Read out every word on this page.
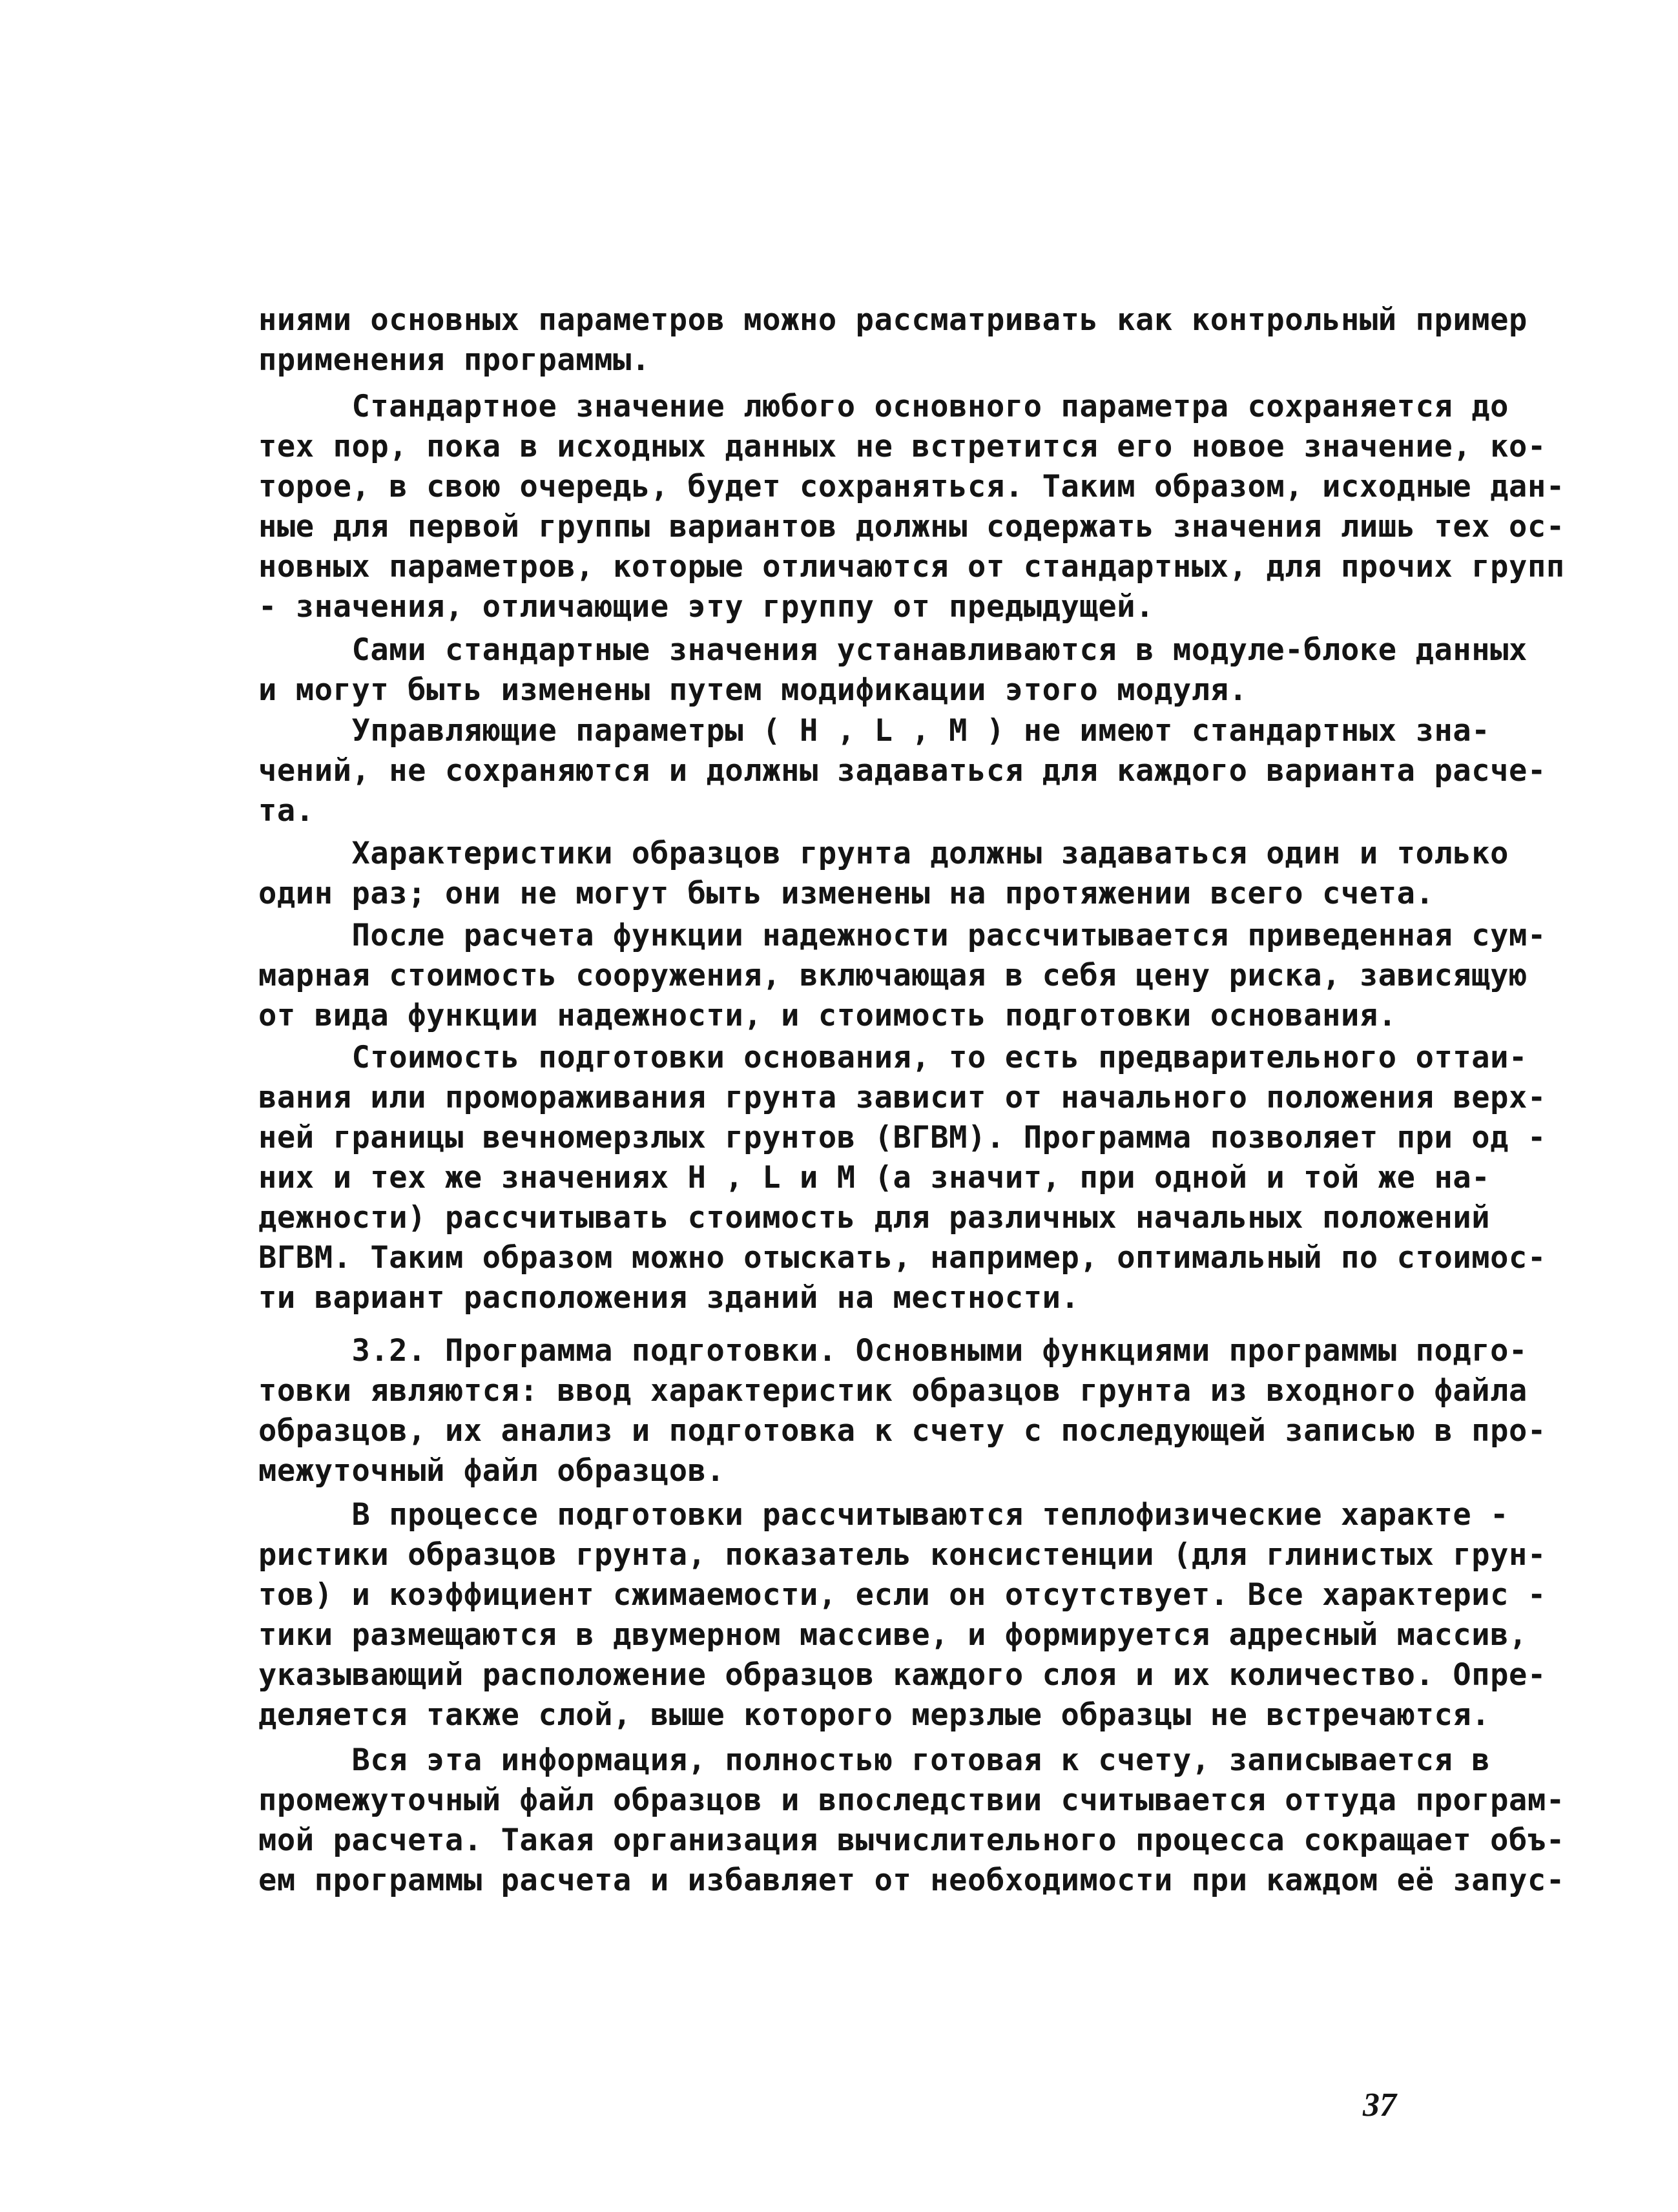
ниями основных параметров можно рассматривать как контрольный пример
применения программы.
Стандартное значение любого основного параметра сохраняется до
тех пор, пока в исходных данных не встретится его новое значение, ко-
торое, в свою очередь, будет сохраняться. Таким образом, исходные дан-
ные для первой группы вариантов должны содержать значения лишь тех ос-
новных параметров, которые отличаются от стандартных, для прочих групп
- значения, отличающие эту группу от предыдущей.
Сами стандартные значения устанавливаются в модуле-блоке данных
и могут быть изменены путем модификации этого модуля.
Управляющие параметры ( H , L , M ) не имеют стандартных зна-
чений, не сохраняются и должны задаваться для каждого варианта расче-
та.
Характеристики образцов грунта должны задаваться один и только
один раз; они не могут быть изменены на протяжении всего счета.
После расчета функции надежности рассчитывается приведенная сум-
марная стоимость сооружения, включающая в себя цену риска, зависящую
от вида функции надежности, и стоимость подготовки основания.
Стоимость подготовки основания, то есть предварительного оттаи-
вания или промораживания грунта зависит от начального положения верх-
ней границы вечномерзлых грунтов (ВГВМ). Программа позволяет при од -
них и тех же значениях H , L и M (а значит, при одной и той же на-
дежности) рассчитывать стоимость для различных начальных положений
ВГВМ. Таким образом можно отыскать, например, оптимальный по стоимос-
ти вариант расположения зданий на местности.
3.2. Программа подготовки. Основными функциями программы подго-
товки являются: ввод характеристик образцов грунта из входного файла
образцов, их анализ и подготовка к счету с последующей записью в про-
межуточный файл образцов.
В процессе подготовки рассчитываются теплофизические характе -
ристики образцов грунта, показатель консистенции (для глинистых грун-
тов) и коэффициент сжимаемости, если он отсутствует. Все характерис -
тики размещаются в двумерном массиве, и формируется адресный массив,
указывающий расположение образцов каждого слоя и их количество. Опре-
деляется также слой, выше которого мерзлые образцы не встречаются.
Вся эта информация, полностью готовая к счету, записывается в
промежуточный файл образцов и впоследствии считывается оттуда програм-
мой расчета. Такая организация вычислительного процесса сокращает объ-
ем программы расчета и избавляет от необходимости при каждом её запус-
37
